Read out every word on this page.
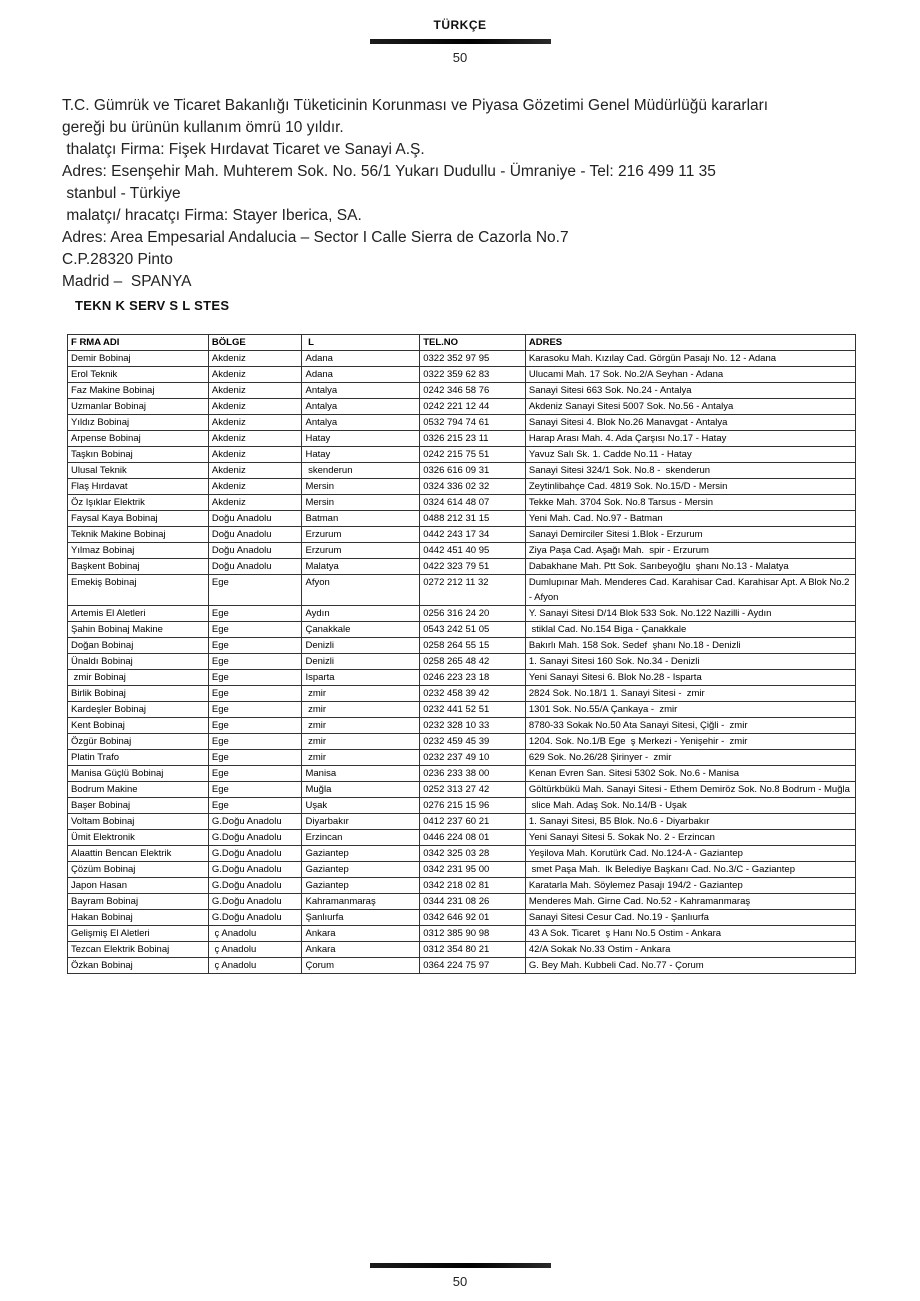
TÜRKÇE
50
T.C. Gümrük ve Ticaret Bakanlığı Tüketicinin Korunması ve Piyasa Gözetimi Genel Müdürlüğü kararları
gereği bu ürünün kullanım ömrü 10 yıldır.
thalatçı Firma: Fişek Hırdavat Ticaret ve Sanayi A.Ş.
Adres: Esenşehir Mah. Muhterem Sok. No. 56/1 Yukarı Dudullu - Ümraniye - Tel: 216 499 11 35
stanbul - Türkiye
malatçı/ hracatçı Firma: Stayer Iberica, SA.
Adres: Area Empesarial Andalucia – Sector I Calle Sierra de Cazorla No.7
C.P.28320 Pinto
Madrid –  SPANYA
TEKN K SERV S L STES
F RMA ADI	BÖLGE	L	TEL.NO	ADRES
Demir Bobinaj	Akdeniz	Adana	0322 352 97 95	Karasoku Mah. Kızılay Cad. Görgün Pasajı No. 12 - Adana
Erol Teknik	Akdeniz	Adana	0322 359 62 83	Ulucami Mah. 17 Sok. No.2/A Seyhan - Adana
Faz Makine Bobinaj	Akdeniz	Antalya	0242 346 58 76	Sanayi Sitesi 663 Sok. No.24 - Antalya
Uzmanlar Bobinaj	Akdeniz	Antalya	0242 221 12 44	Akdeniz Sanayi Sitesi 5007 Sok. No.56 - Antalya
Yıldız Bobinaj	Akdeniz	Antalya	0532 794 74 61	Sanayi Sitesi 4. Blok No.26 Manavgat - Antalya
Arpense Bobinaj	Akdeniz	Hatay	0326 215 23 11	Harap Arası Mah. 4. Ada Çarşısı No.17 - Hatay
Taşkın Bobinaj	Akdeniz	Hatay	0242 215 75 51	Yavuz Salı Sk. 1. Cadde No.11 - Hatay
Ulusal Teknik	Akdeniz	skenderun	0326 616 09 31	Sanayi Sitesi 324/1 Sok. No.8 -  skenderun
Flaş Hırdavat	Akdeniz	Mersin	0324 336 02 32	Zeytinlibahçe Cad. 4819 Sok. No.15/D - Mersin
Öz Işıklar Elektrik	Akdeniz	Mersin	0324 614 48 07	Tekke Mah. 3704 Sok. No.8 Tarsus - Mersin
Faysal Kaya Bobinaj	Doğu Anadolu	Batman	0488 212 31 15	Yeni Mah. Cad. No.97 - Batman
Teknik Makine Bobinaj	Doğu Anadolu	Erzurum	0442 243 17 34	Sanayi Demirciler Sitesi 1.Blok - Erzurum
Yılmaz Bobinaj	Doğu Anadolu	Erzurum	0442 451 40 95	Ziya Paşa Cad. Aşağı Mah.  spir - Erzurum
Başkent Bobinaj	Doğu Anadolu	Malatya	0422 323 79 51	Dabakhane Mah. Ptt Sok. Sarıbeyoğlu  şhanı No.13 - Malatya
Emekiş Bobinaj	Ege	Afyon	0272 212 11 32	Dumlupınar Mah. Menderes Cad. Karahisar Cad. Karahisar Apt. A Blok No.2 - Afyon
Artemis El Aletleri	Ege	Aydın	0256 316 24 20	Y. Sanayi Sitesi D/14 Blok 533 Sok. No.122 Nazilli - Aydın
Şahin Bobinaj Makine	Ege	Çanakkale	0543 242 51 05	stiklal Cad. No.154 Biga - Çanakkale
Doğan Bobinaj	Ege	Denizli	0258 264 55 15	Bakırlı Mah. 158 Sok. Sedef  şhanı No.18 - Denizli
Ünaldı Bobinaj	Ege	Denizli	0258 265 48 42	1. Sanayi Sitesi 160 Sok. No.34 - Denizli
zmir Bobinaj	Ege	Isparta	0246 223 23 18	Yeni Sanayi Sitesi 6. Blok No.28 - Isparta
Birlik Bobinaj	Ege	zmir	0232 458 39 42	2824 Sok. No.18/1 1. Sanayi Sitesi -  zmir
Kardeşler Bobinaj	Ege	zmir	0232 441 52 51	1301 Sok. No.55/A Çankaya -  zmir
Kent Bobinaj	Ege	zmir	0232 328 10 33	8780-33 Sokak No.50 Ata Sanayi Sitesi, Çiğli -  zmir
Özgür Bobinaj	Ege	zmir	0232 459 45 39	1204. Sok. No.1/B Ege  ş Merkezi - Yenişehir -  zmir
Platin Trafo	Ege	zmir	0232 237 49 10	629 Sok. No.26/28 Şirinyer -  zmir
Manisa Güçlü Bobinaj	Ege	Manisa	0236 233 38 00	Kenan Evren San. Sitesi 5302 Sok. No.6 - Manisa
Bodrum Makine	Ege	Muğla	0252 313 27 42	Göltürkbükü Mah. Sanayi Sitesi - Ethem Demiröz Sok. No.8 Bodrum - Muğla
Başer Bobinaj	Ege	Uşak	0276 215 15 96	slice Mah. Adaş Sok. No.14/B - Uşak
Voltam Bobinaj	G.Doğu Anadolu	Diyarbakır	0412 237 60 21	1. Sanayi Sitesi, B5 Blok. No.6 - Diyarbakır
Ümit Elektronik	G.Doğu Anadolu	Erzincan	0446 224 08 01	Yeni Sanayi Sitesi 5. Sokak No. 2 - Erzincan
Alaattin Bencan Elektrik	G.Doğu Anadolu	Gaziantep	0342 325 03 28	Yeşilova Mah. Korutürk Cad. No.124-A - Gaziantep
Çözüm Bobinaj	G.Doğu Anadolu	Gaziantep	0342 231 95 00	smet Paşa Mah.  lk Belediye Başkanı Cad. No.3/C - Gaziantep
Japon Hasan	G.Doğu Anadolu	Gaziantep	0342 218 02 81	Karatarla Mah. Söylemez Pasajı 194/2 - Gaziantep
Bayram Bobinaj	G.Doğu Anadolu	Kahramanmaraş	0344 231 08 26	Menderes Mah. Girne Cad. No.52 - Kahramanmaraş
Hakan Bobinaj	G.Doğu Anadolu	Şanlıurfa	0342 646 92 01	Sanayi Sitesi Cesur Cad. No.19 - Şanlıurfa
Gelişmiş El Aletleri	ç Anadolu	Ankara	0312 385 90 98	43 A Sok. Ticaret  ş Hanı No.5 Ostim - Ankara
Tezcan Elektrik Bobinaj	ç Anadolu	Ankara	0312 354 80 21	42/A Sokak No.33 Ostim - Ankara
Özkan Bobinaj	ç Anadolu	Çorum	0364 224 75 97	G. Bey Mah. Kubbeli Cad. No.77 - Çorum
50
